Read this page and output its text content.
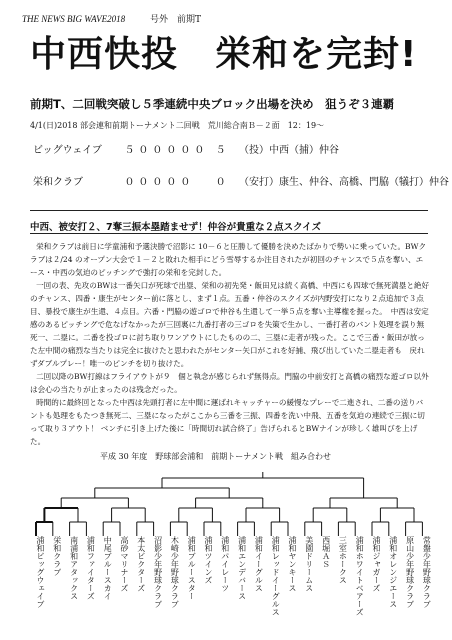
THE NEWS BIG WAVE2018	号外 前期T
中西快投　栄和を完封!
前期T、二回戦突破し５季連続中央ブロック出場を決め　狙うぞ３連覇
4/1(日)2018 部会連和前期トーナメント二回戦　荒川総合南Ｂ－２面　12：19～
ビッグウェイブ	５０００００	５	（投）中西（捕）仲谷

栄和クラブ	０００００	０	（安打）康生、仲谷、高橋、門脇（犠打）仲谷
中西、被安打２、7奪三振本塁踏ませず！仲谷が貴重な２点スクイズ

栄和クラブは前日に学童浦和予選決勝で沼影に 10－６と圧勝して優勝を決めたばかりで勢いに乗っていた。BWクラブは２/24 のオープン大会で１－２と敗れた相手にどう雪辱するか注目されたが初回のチャンスで５点を奪い、エース・中西の気迫のピッチングで強打の栄和を完封した。

一回の表、先攻のBWは一番矢口が死球で出塁、栄和の初先発・飯田兄は続く高橋、中西にも四球で無死満塁と絶好のチャンス、四番・康生がセンター前に落とし、まず１点。五番・仲谷のスクイズが内野安打になり２点追加で３点目、暴投で康生が生還、４点目。六番・門脇の遊ゴロで仲谷も生還して一挙５点を奪い主導権を握った。　中西は安定感のあるピッチングで危なげなかったが三回裏に九番打者の三ゴロを失策で生かし、一番打者のバント処理を誤り無死一、二塁に。二番を投ゴロに討ち取りワンアウトにしたものの二、三塁に走者が残った。ここで三番・飯田が放った左中間の痛烈な当たりは完全に抜けたと思われたがセンター矢口がこれを好捕、飛び出していた二塁走者も　戻れずダブルプレー！唯一のピンチを切り抜けた。

二回以降のBW打線はフライアウトが９　個と執念が感じられず無得点。門脇の中前安打と高橋の痛烈な遊ゴロ以外は会心の当たりが止まったのは残念だった。

時間的に最終回となった中西は先頭打者に左中間に運ばれキャッチャーの緩慢なプレーで二進され、二番の送りバントも処理をもたつき無死二、三塁になったがここから三番を三振、四番を洗い中飛、五番を気迫の連続で三振に切って取り３アウト！ ベンチに引き上げた後に「時間切れ試合終了」告げられるとBWナインが珍しく雄叫びを上げた。

平成 30 年度　野球部会浦和　前期トーナメント戦　組み合わせ
浦和ビッグウェイブ 栄和クラブ 南浦和アタックス 浦和ファイターズ 中尾ブルースカイ 高砂マリナーズ 本太ビクターズ 沼影少年野球クラブ 木崎少年野球クラブ 浦和ブルースター 浦和ツインズ 浦和パイレーツ 浦和エンデバース 浦和イーグルス 浦和レッドイーグルス 浦和ヤンキース 美園ドリームス 西堀ＡＳ 三室ホークス 浦和ホワイトベアーズ 浦和ジャガーズ 浦和オレンジエース 原山少年野球クラブ 常盤少年野球クラブ
